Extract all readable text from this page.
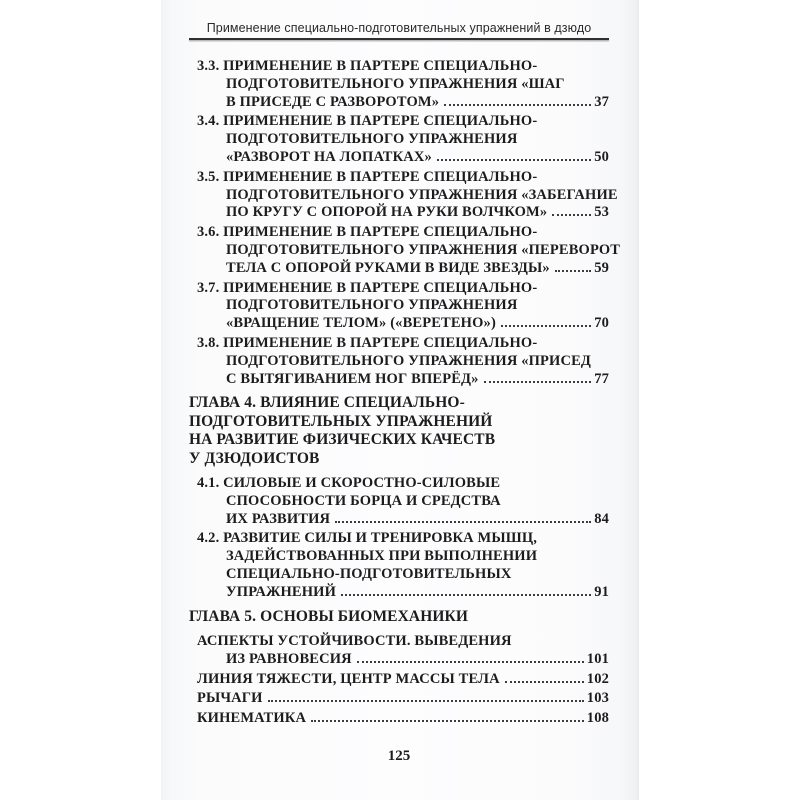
Применение специально-подготовительных упражнений в дзюдо
3.3. ПРИМЕНЕНИЕ В ПАРТЕРЕ СПЕЦИАЛЬНО-
ПОДГОТОВИТЕЛЬНОГО УПРАЖНЕНИЯ «ШАГ
В ПРИСЕДЕ С РАЗВОРОТОМ»	37
3.4. ПРИМЕНЕНИЕ В ПАРТЕРЕ СПЕЦИАЛЬНО-
ПОДГОТОВИТЕЛЬНОГО УПРАЖНЕНИЯ
«РАЗВОРОТ НА ЛОПАТКАХ»	50
3.5. ПРИМЕНЕНИЕ В ПАРТЕРЕ СПЕЦИАЛЬНО-
ПОДГОТОВИТЕЛЬНОГО УПРАЖНЕНИЯ «ЗАБЕГАНИЕ
ПО КРУГУ С ОПОРОЙ НА РУКИ ВОЛЧКОМ»	53
3.6. ПРИМЕНЕНИЕ В ПАРТЕРЕ СПЕЦИАЛЬНО-
ПОДГОТОВИТЕЛЬНОГО УПРАЖНЕНИЯ «ПЕРЕВОРОТ
ТЕЛА С ОПОРОЙ РУКАМИ В ВИДЕ ЗВЕЗДЫ»	59
3.7. ПРИМЕНЕНИЕ В ПАРТЕРЕ СПЕЦИАЛЬНО-
ПОДГОТОВИТЕЛЬНОГО УПРАЖНЕНИЯ
«ВРАЩЕНИЕ ТЕЛОМ» («ВЕРЕТЕНО»)	70
3.8. ПРИМЕНЕНИЕ В ПАРТЕРЕ СПЕЦИАЛЬНО-
ПОДГОТОВИТЕЛЬНОГО УПРАЖНЕНИЯ «ПРИСЕД
С ВЫТЯГИВАНИЕМ НОГ ВПЕРЁД»	77
ГЛАВА 4. ВЛИЯНИЕ СПЕЦИАЛЬНО-
ПОДГОТОВИТЕЛЬНЫХ УПРАЖНЕНИЙ
НА РАЗВИТИЕ ФИЗИЧЕСКИХ КАЧЕСТВ
У ДЗЮДОИСТОВ
4.1. СИЛОВЫЕ И СКОРОСТНО-СИЛОВЫЕ
СПОСОБНОСТИ БОРЦА И СРЕДСТВА
ИХ РАЗВИТИЯ	84
4.2. РАЗВИТИЕ СИЛЫ И ТРЕНИРОВКА МЫШЦ,
ЗАДЕЙСТВОВАННЫХ ПРИ ВЫПОЛНЕНИИ
СПЕЦИАЛЬНО-ПОДГОТОВИТЕЛЬНЫХ
УПРАЖНЕНИЙ	91
ГЛАВА 5. ОСНОВЫ БИОМЕХАНИКИ
АСПЕКТЫ УСТОЙЧИВОСТИ. ВЫВЕДЕНИЯ
ИЗ РАВНОВЕСИЯ	101
ЛИНИЯ ТЯЖЕСТИ, ЦЕНТР МАССЫ ТЕЛА	102
РЫЧАГИ	103
КИНЕМАТИКА	108
125
